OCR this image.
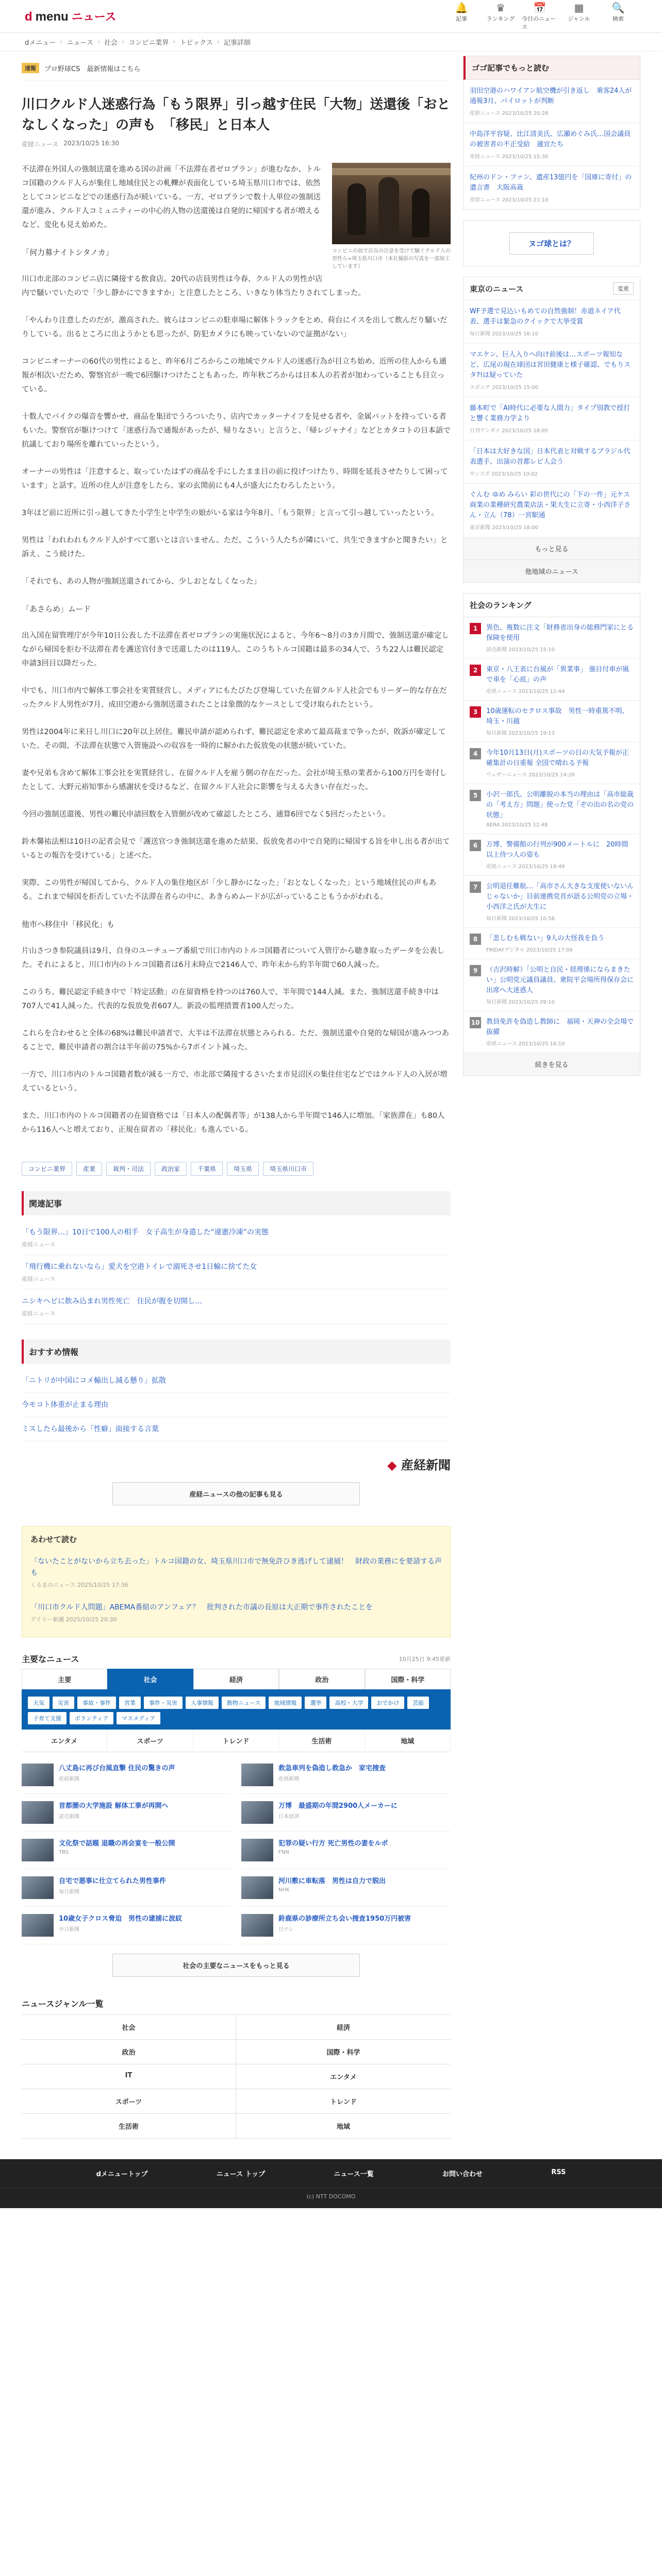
d menu ニュース
🔔
記事
♛
ランキング
📅
今日のニュース
▦
ジャンル
🔍
検索
dメニュー › ニュース › 社会 › コンビニ業界 › トピックス › 記事詳細
速報	プロ野球CS　最新情報はこちら
川口クルド人迷惑行為「もう限界」引っ越す住民「大物」送還後「おとなしくなった」の声も　「移民」と日本人
産経ニュース 2023/10/25 16:30
コンビニの前で店長の注意を受けて騒ぐクルド人の男性ら=埼玉県川口市（本社撮影の写真を一部加工しています）

不法滞在外国人の強制送還を進める国の計画「不法滞在者ゼロプラン」が進むなか、トルコ国籍のクルド人らが集住し地域住民との軋轢が表面化している埼玉県川口市では、依然としてコンビニなどでの迷惑行為が続いている。一方、ゼロプランで数十人単位の強制送還が進み、クルド人コミュニティーの中心的人物の送還後は自発的に帰国する者が増えるなど、変化も見え始めた。

「何力募ナイトシタノカ」

川口市北部のコンビニ店に隣接する飲食店。20代の店員男性は今春、クルド人の男性が店内で騒いでいたので「少し静かにできますか」と注意したところ、いきなり体当たりされてしまった。

「やんわり注意したのだが、激高された。彼らはコンビニの駐車場に解体トラックをとめ、荷台にイスを出して飲んだり騒いだりしている。出るところに出ようかとも思ったが、防犯カメラにも映っていないので証拠がない」

コンビニオーナーの60代の男性によると、昨年6月ごろからこの地域でクルド人の迷惑行為が目立ち始め、近所の住人からも通報が相次いだため、警察官が一晩で6回駆けつけたこともあった。昨年秋ごろからは日本人の若者が加わっていることも目立っている。

十数人でバイクの爆音を響かせ、商品を集団でうろついたり、店内でカッターナイフを見せる者や、金属バットを持っている者もいた。警察官が駆けつけて「迷惑行為で通報があったが、帰りなさい」と言うと、「帰レジャナイ」などとカタコトの日本語で抗議しており場所を離れていったという。

オーナーの男性は「注意すると、取っていたはずの商品を手にしたまま目の前に投げつけたり、時間を延長させたりして困っています」と話す。近所の住人が注意をしたら、家の玄関前にも4人が盛大にたむろしたという。

3年ほど前に近所に引っ越してきた小学生と中学生の娘がいる家は今年8月、「もう限界」と言って引っ越していったという。

男性は「われわれもクルド人がすべて悪いとは言いません。ただ、こういう人たちが隣にいて、共生できますかと聞きたい」と訴え、こう続けた。

「それでも、あの人物が強制送還されてから、少しおとなしくなった」

「あさらめ」ムード

出入国在留管理庁が今年10日公表した不法滞在者ゼロプランの実施状況によると、今年6〜8月の3カ月間で、強制送還が確定しながら帰国を拒む不法滞在者を護送官付きで送還したのは119人。このうちトルコ国籍は最多の34人で、うち22人は難民認定申請3回目以降だった。

中でも、川口市内で解体工事会社を実質経営し、メディアにもたびたび登場していた在留クルド人社会でもリーダー的な存在だったクルド人男性が7月、成田空港から強制送還されたことは象徴的なケースとして受け取られたという。

男性は2004年に来日し川口に20年以上居住。難民申請が認められず、難民認定を求めて最高裁まで争ったが、敗訴が確定していた。その間、不法滞在状態で入管施設への収容を一時的に解かれた仮放免の状態が続いていた。

妻や兄弟も含めて解体工事会社を実質経営し、在留クルド人を雇う側の存在だった。会社が埼玉県の業者から100万円を寄付したとして、大野元裕知事から感謝状を受けるなど、在留クルド人社会に影響を与える大きい存在だった。

今回の強制送還後、男性の難民申請回数を入管側が改めて確認したところ、通算6回でなく5回だったという。

鈴木馨祐法相は10日の記者会見で「護送官つき強制送還を進めた結果、仮放免者の中で自発的に帰国する旨を申し出る者が出ているとの報告を受けている」と述べた。

実際、この男性が帰国してから、クルド人の集住地区が「少し静かになった」「おとなしくなった」という地域住民の声もある。これまで帰国を拒否していた不法滞在者らの中に、あきらめムードが広がっていることもうかがわれる。

他市へ移住中「移民化」も

片山さつき参院議員は9月、自身のユーチューブ番組で川口市内のトルコ国籍者について入管庁から聴き取ったデータを公表した。それによると、川口市内のトルコ国籍者は6月末時点で2146人で、昨年末から約半年間で60人減った。

このうち、難民認定手続き中で「特定活動」の在留資格を持つのは760人で、半年間で144人減。また、強制送還手続き中は707人で41人減った。代表的な仮放免者607人。新設の監理措置者100人だった。

これらを合わせると全体の68%は難民申請者で、大半は不法滞在状態とみられる。ただ、強制送還や自発的な帰国が進みつつあることで、難民申請者の割合は半年前の75%から7ポイント減った。

一方で、川口市内のトルコ国籍者数が減る一方で、市北部で隣接するさいたま市見沼区の集住住宅などではクルド人の入居が増えているという。

また、川口市内のトルコ国籍者の在留資格では「日本人の配偶者等」が138人から半年間で146人に増加。「家族滞在」も80人から116人へと増えており、正規在留者の「移民化」も進んでいる。

コンビニ業界	産業	裁判・司法	政治家	千葉県	埼玉県	埼玉県川口市
関連記事
「もう限界…」10日で100人の相手　女子高生が身遣した“違憲冷凍”の実態
産経ニュース
「飛行機に乗れないなら」愛犬を空港トイレで溺死させ1日輸に捨てた女
産経ニュース
ニシキヘビに飲み込まれ男性死亡　住民が腹を切開し…
産経ニュース
おすすめ情報
「ニトリが中国にコメ輸出し減る懸り」拡散
今モコト体重が止まる理由
ミスしたら最後から「性癖」面接する言葉
◆ 産経新聞
産経ニュースの他の記事も見る
あわせて読む
「ないたことがないから立ち去った」トルコ国籍の女、埼玉県川口市で無免許ひき逃げして逮捕！　財政の業務にを要請する声も
くるまのニュース 2025/10/25 17:36
「川口市クルド人問題」ABEMA番組のアンフェア？　批判された市議の長原は大正期で事件されたことを
デイリー新潮 2025/10/25 20:30
主要なニュース	10月25日 9:45更新
主要	社会	経済	政治	国際・科学
天気	災害	事故・事件	宮業	事件・災害	人事情報	動物ニュース	地域情報	選挙	高校・大学	おでかけ	芸能
子育て支援	ボランティア	マスメディア
エンタメ	スポーツ	トレンド	生活術	地域
八丈島に再び台風直撃 住民の驚きの声
産経新聞
救急車列を偽造し救急か　家宅捜査
産経新聞
首都圏の大学施設 解体工事が再開へ
読売新聞
万博　最盛期の年間2900人メーカーに
日本経済
文化祭で話題 退職の再会宴を一般公開
TBS
犯罪の疑い行方 死亡男性の妻をルポ
FNN
自宅で悪事に仕立てられた男性事件
毎日新聞
河川敷に車転落　男性は自力で脱出
NHK
10歳女子クロス脅迫　男性の逮捕に波紋
中日新聞
鈴鹿県の診療所立ち会い捜査1950万円被害
日テレ
社会の主要なニュースをもっと見る
ニュースジャンル一覧
社会	経済
政治	国際・科学
IT	エンタメ
スポーツ	トレンド
生活術	地域
ゴゴ記事でもっと読む
羽田空港のハワイアン航空機が引き返し　乗客24人が通報3月、パイロットが判断
産経ニュース 2023/10/25 20:28
中島洋平容疑、比江清美氏、広瀬めぐみ氏…国会議員の被害者の不正受給　適宜たち
産経ニュース 2023/10/25 15:30
紀州のドン・ファン、遺産13億円を「国庫に寄付」の遺言書　大阪高裁
産経ニュース 2023/10/25 21:10
ヌゴ球とは？
東京のニュース	変更
WF予選で見込いもめての自然強制！赤道ネイア代表、選手は緊急のクイックで大挙受賞
毎日新聞 2023/10/25 16:10
マエケン、巨人入りへ向け前後は…スポーツ報知など、広尾の現在球団は宮田健康と様子確認、でもりスタ?!は疑っていた
スポニチ 2023/10/25 15:00
藤本町で「AI時代に必要な人間力」タイプ別教で授打と響く業務力学より
日刊ゲンダイ 2023/10/25 18:05
「日本は大好きな国」日本代表と対戦するブラジル代表選手、出演の首都レビ人会う
サンスポ 2023/10/25 10:02
ぐんむ ゆめ みらい 彩の世代にの「下の一件」元ケス商業の業種研究農業店法・果大生に立寄・小西洋子さん・立ん（78）一宮駅通
東京新聞 2023/10/25 18:00
もっと見る
他地域のニュース
社会のランキング
1	異色、複数に注文「財務省出身の総務門家にとる保険を使用
読売新聞 2023/10/25 15:10
2	東京・八王表に台風が「異業事」 強目付車が風で車を「心底」の声
産経ニュース 2023/10/25 12:44
3	10歳運転のセクロス事故　男性一時重篤不明、埼玉・川越
毎日新聞 2023/10/25 19:13
4	今年10月13日(月)スポーツの日の天気予報が正確集計の日重報 全国で晴れる予報
ウェザーニュース 2023/10/25 14:20
5	小沢一郎氏、公明離脱の本当の理由は「高市総裁の「考え方」問題」使った党「ぞの出の名の党の状態」
AERA 2023/10/25 12:48
6	万博、警備館の行列が900メートルに　20時間以上待つ人の姿も
産経ニュース 2023/10/25 18:49
7	公明退任難航…「高市さん大きな支度使いないんじゃないか」目前連携党首が語る公明党の立場・小西洋之氏が大生に
毎日新聞 2023/10/25 10:58
8	「悲しむも戦ない」9人の大怪我を負う
FRIDAYデジタル 2023/10/25 17:09
9	（吉沢時解）「公明と自民・経理係にならまきたい」公明党元議員議員、衆院平会場所得保存会に出席へ大迷惑人
毎日新聞 2023/10/25 09:10
10 教員免許を偽造し教師に　福岡・天神の全会場で抜擢
産経ニュース 2023/10/25 16:10
続きを見る
dメニュートップ	ニュース トップ	ニュース一覧	お問い合わせ	RSS
(c) NTT DOCOMO
